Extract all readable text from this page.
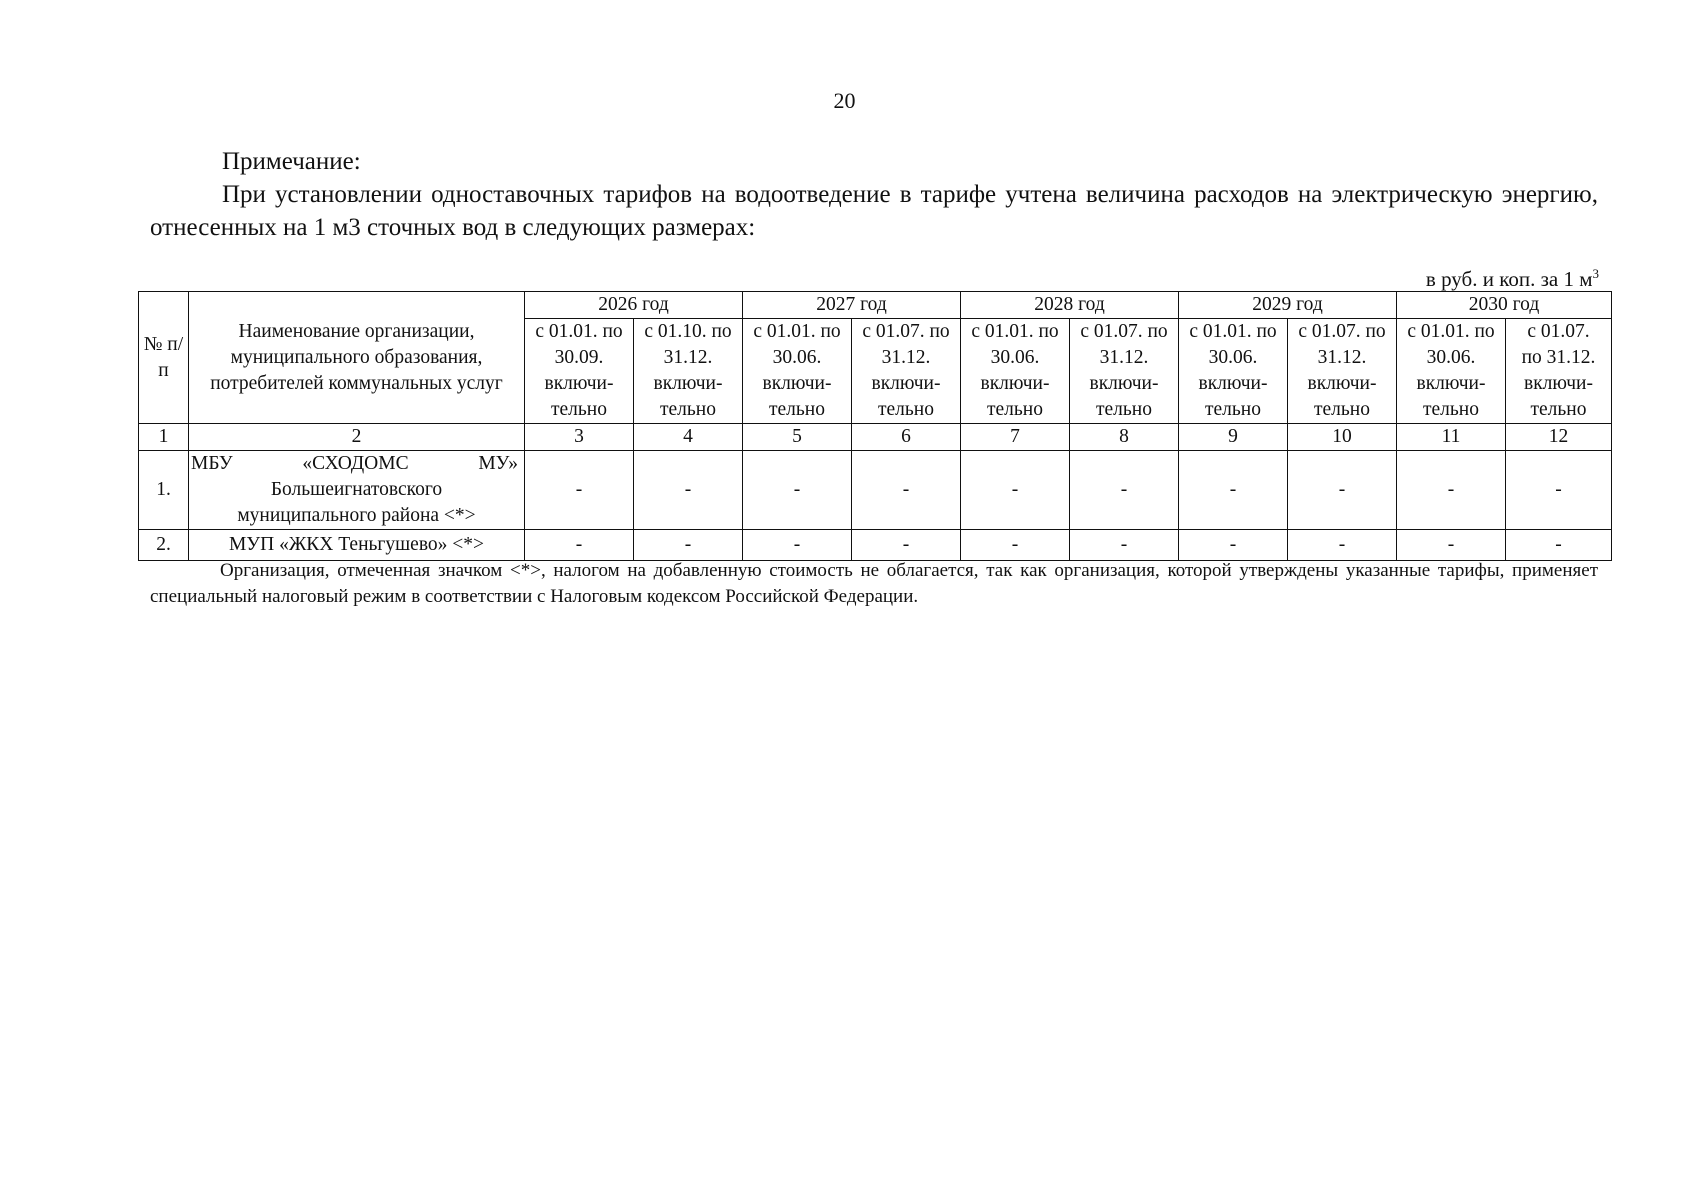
20
Примечание:
При установлении одноставочных тарифов на водоотведение в тарифе учтена величина расходов на электрическую энергию, отнесенных на 1 м3 сточных вод в следующих размерах:
в руб. и коп. за 1 $м^3$
№ п/п	Наименование организации, муниципального образования, потребителей коммунальных услуг	2026 год		2027 год		2028 год		2029 год		2030 год	

		с 01.01. по
30.09.
включи-
тельно	с 01.10. по
31.12.
включи-
тельно	с 01.01. по
30.06.
включи-
тельно	с 01.07. по
31.12.
включи-
тельно	с 01.01. по
30.06.
включи-
тельно	с 01.07. по
31.12.
включи-
тельно	с 01.01. по
30.06.
включи-
тельно	с 01.07. по
31.12.
включи-
тельно	с 01.01. по
30.06.
включи-
тельно	с 01.07.
по 31.12.
включи-
тельно

1	2	3	4	5	6	7	8	9	10	11	12
1.	МБУ «СХОДОМС МУ»
Большеигнатовского
муниципального района <*>	-	-	-	-	-	-	-	-	-	-
2.	МУП «ЖКХ Теньгушево» <*>	-	-	-	-	-	-	-	-	-	-
Организация, отмеченная значком <*>, налогом на добавленную стоимость не облагается, так как организация, которой утверждены указанные тарифы, применяет специальный налоговый режим в соответствии с Налоговым кодексом Российской Федерации.
